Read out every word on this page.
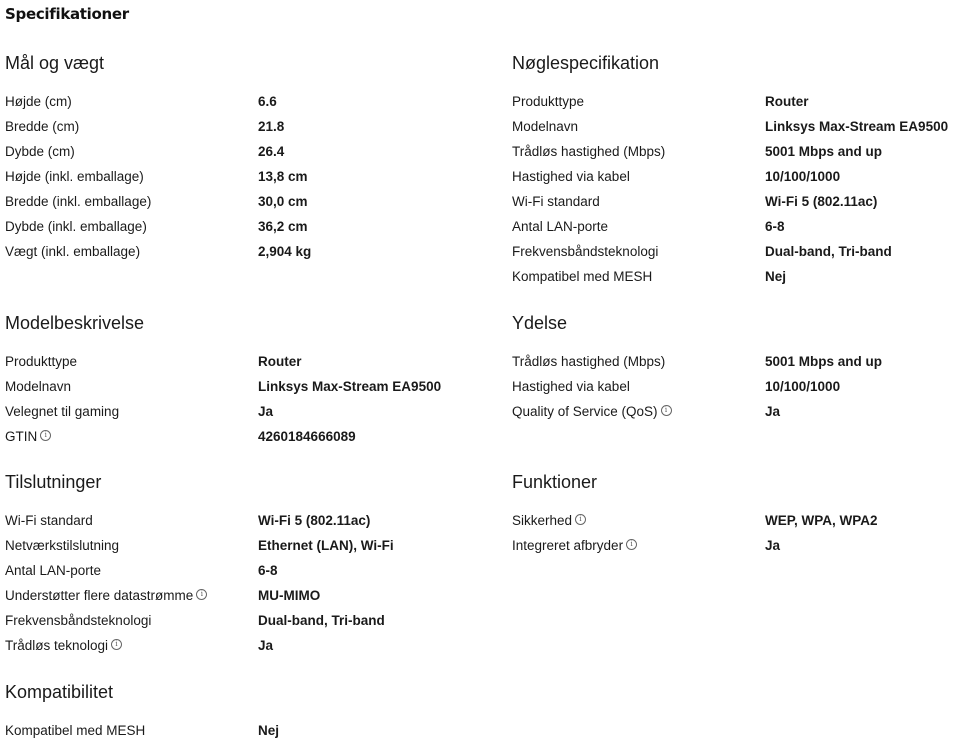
Specifikationer
Mål og vægt
Højde (cm)	6.6
Bredde (cm)	21.8
Dybde (cm)	26.4
Højde (inkl. emballage)	13,8 cm
Bredde (inkl. emballage)	30,0 cm
Dybde (inkl. emballage)	36,2 cm
Vægt (inkl. emballage)	2,904 kg
Nøglespecifikation
Produkttype	Router
Modelnavn	Linksys Max-Stream EA9500
Trådløs hastighed (Mbps)	5001 Mbps and up
Hastighed via kabel	10/100/1000
Wi-Fi standard	Wi-Fi 5 (802.11ac)
Antal LAN-porte	6-8
Frekvensbåndsteknologi	Dual-band, Tri-band
Kompatibel med MESH	Nej
Modelbeskrivelse
Produkttype	Router
Modelnavn	Linksys Max-Stream EA9500
Velegnet til gaming	Ja
GTIN i	4260184666089
Ydelse
Trådløs hastighed (Mbps)	5001 Mbps and up
Hastighed via kabel	10/100/1000
Quality of Service (QoS) i	Ja
Tilslutninger
Wi-Fi standard	Wi-Fi 5 (802.11ac)
Netværkstilslutning	Ethernet (LAN), Wi-Fi
Antal LAN-porte	6-8
Understøtter flere datastrømme i	MU-MIMO
Frekvensbåndsteknologi	Dual-band, Tri-band
Trådløs teknologi i	Ja
Funktioner
Sikkerhed i	WEP, WPA, WPA2
Integreret afbryder i	Ja
Kompatibilitet
Kompatibel med MESH	Nej
